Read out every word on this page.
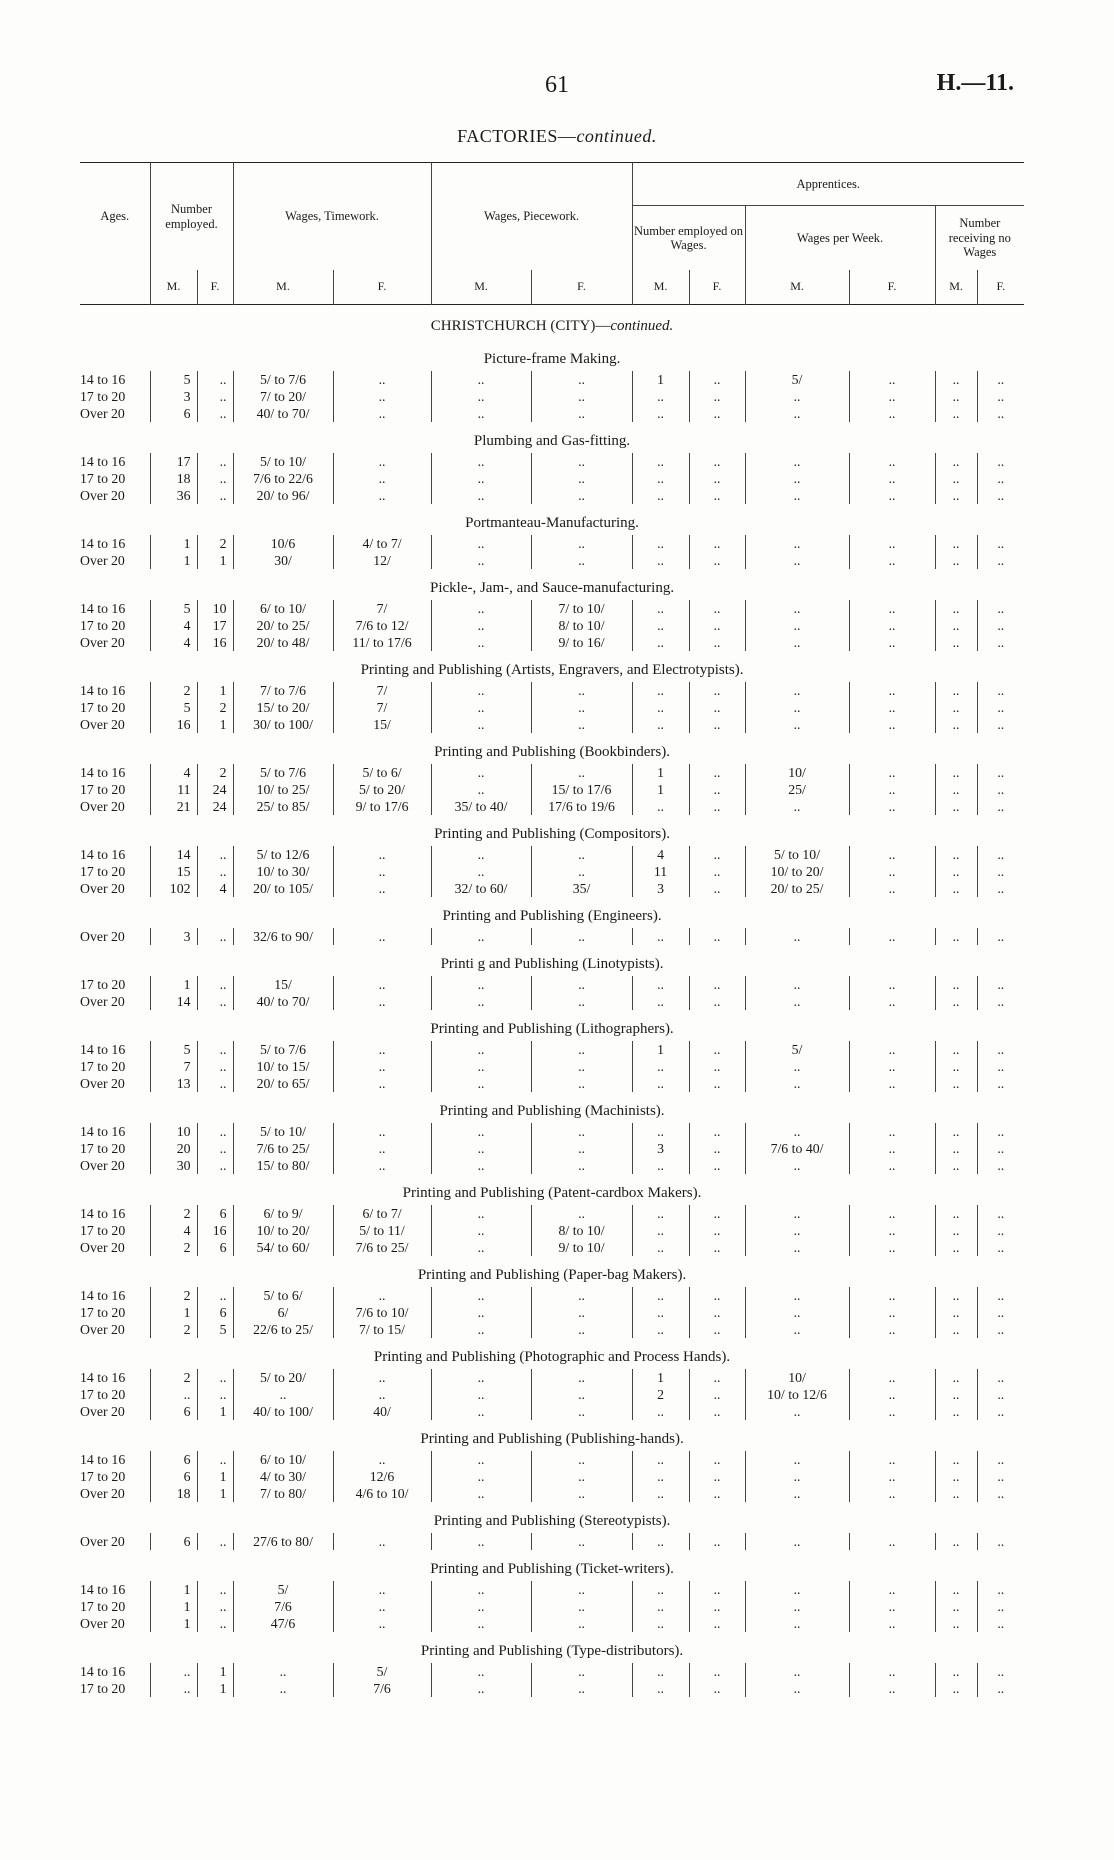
61	H.—11.
FACTORIES—continued.
Ages.	Number employed.		Wages, Timework.		Wages, Piecework.		Apprentices.					
							Number employed on Wages.		Wages per Week.		Number receiving no Wages	
	M.	F.	M.	F.	M.	F.	M.	F.	M.	F.	M.	F.
CHRISTCHURCH (CITY)—continued.												
Picture-frame Making.												
14 to 16	5	..	5/ to 7/6	..	..	..	1	..	5/	..	..	..
17 to 20	3	..	7/ to 20/	..	..	..	..	..	..	..	..	..
Over 20	6	..	40/ to 70/	..	..	..	..	..	..	..	..	..
Plumbing and Gas-fitting.												
14 to 16	17	..	5/ to 10/	..	..	..	..	..	..	..	..	..
17 to 20	18	..	7/6 to 22/6	..	..	..	..	..	..	..	..	..
Over 20	36	..	20/ to 96/	..	..	..	..	..	..	..	..	..
Portmanteau-Manufacturing.												
14 to 16	1	2	10/6	4/ to 7/	..	..	..	..	..	..	..	..
Over 20	1	1	30/	12/	..	..	..	..	..	..	..	..
Pickle-, Jam-, and Sauce-manufacturing.												
14 to 16	5	10	6/ to 10/	7/	..	7/ to 10/	..	..	..	..	..	..
17 to 20	4	17	20/ to 25/	7/6 to 12/	..	8/ to 10/	..	..	..	..	..	..
Over 20	4	16	20/ to 48/	11/ to 17/6	..	9/ to 16/	..	..	..	..	..	..
Printing and Publishing (Artists, Engravers, and Electrotypists).												
14 to 16	2	1	7/ to 7/6	7/	..	..	..	..	..	..	..	..
17 to 20	5	2	15/ to 20/	7/	..	..	..	..	..	..	..	..
Over 20	16	1	30/ to 100/	15/	..	..	..	..	..	..	..	..
Printing and Publishing (Bookbinders).												
14 to 16	4	2	5/ to 7/6	5/ to 6/	..	..	1	..	10/	..	..	..
17 to 20	11	24	10/ to 25/	5/ to 20/	..	15/ to 17/6	1	..	25/	..	..	..
Over 20	21	24	25/ to 85/	9/ to 17/6	35/ to 40/	17/6 to 19/6	..	..	..	..	..	..
Printing and Publishing (Compositors).												
14 to 16	14	..	5/ to 12/6	..	..	..	4	..	5/ to 10/	..	..	..
17 to 20	15	..	10/ to 30/	..	..	..	11	..	10/ to 20/	..	..	..
Over 20	102	4	20/ to 105/	..	32/ to 60/	35/	3	..	20/ to 25/	..	..	..
Printing and Publishing (Engineers).												
Over 20	3	..	32/6 to 90/	..	..	..	..	..	..	..	..	..
Printi g and Publishing (Linotypists).												
17 to 20	1	..	15/	..	..	..	..	..	..	..	..	..
Over 20	14	..	40/ to 70/	..	..	..	..	..	..	..	..	..
Printing and Publishing (Lithographers).												
14 to 16	5	..	5/ to 7/6	..	..	..	1	..	5/	..	..	..
17 to 20	7	..	10/ to 15/	..	..	..	..	..	..	..	..	..
Over 20	13	..	20/ to 65/	..	..	..	..	..	..	..	..	..
Printing and Publishing (Machinists).												
14 to 16	10	..	5/ to 10/	..	..	..	..	..	..	..	..	..
17 to 20	20	..	7/6 to 25/	..	..	..	3	..	7/6 to 40/	..	..	..
Over 20	30	..	15/ to 80/	..	..	..	..	..	..	..	..	..
Printing and Publishing (Patent-cardbox Makers).												
14 to 16	2	6	6/ to 9/	6/ to 7/	..	..	..	..	..	..	..	..
17 to 20	4	16	10/ to 20/	5/ to 11/	..	8/ to 10/	..	..	..	..	..	..
Over 20	2	6	54/ to 60/	7/6 to 25/	..	9/ to 10/	..	..	..	..	..	..
Printing and Publishing (Paper-bag Makers).												
14 to 16	2	..	5/ to 6/	..	..	..	..	..	..	..	..	..
17 to 20	1	6	6/	7/6 to 10/	..	..	..	..	..	..	..	..
Over 20	2	5	22/6 to 25/	7/ to 15/	..	..	..	..	..	..	..	..
Printing and Publishing (Photographic and Process Hands).												
14 to 16	2	..	5/ to 20/	..	..	..	1	..	10/	..	..	..
17 to 20	..	..	..	..	..	..	2	..	10/ to 12/6	..	..	..
Over 20	6	1	40/ to 100/	40/	..	..	..	..	..	..	..	..
Printing and Publishing (Publishing-hands).												
14 to 16	6	..	6/ to 10/	..	..	..	..	..	..	..	..	..
17 to 20	6	1	4/ to 30/	12/6	..	..	..	..	..	..	..	..
Over 20	18	1	7/ to 80/	4/6 to 10/	..	..	..	..	..	..	..	..
Printing and Publishing (Stereotypists).												
Over 20	6	..	27/6 to 80/	..	..	..	..	..	..	..	..	..
Printing and Publishing (Ticket-writers).												
14 to 16	1	..	5/	..	..	..	..	..	..	..	..	..
17 to 20	1	..	7/6	..	..	..	..	..	..	..	..	..
Over 20	1	..	47/6	..	..	..	..	..	..	..	..	..
Printing and Publishing (Type-distributors).												
14 to 16	..	1	..	5/	..	..	..	..	..	..	..	..
17 to 20	..	1	..	7/6	..	..	..	..	..	..	..	..
